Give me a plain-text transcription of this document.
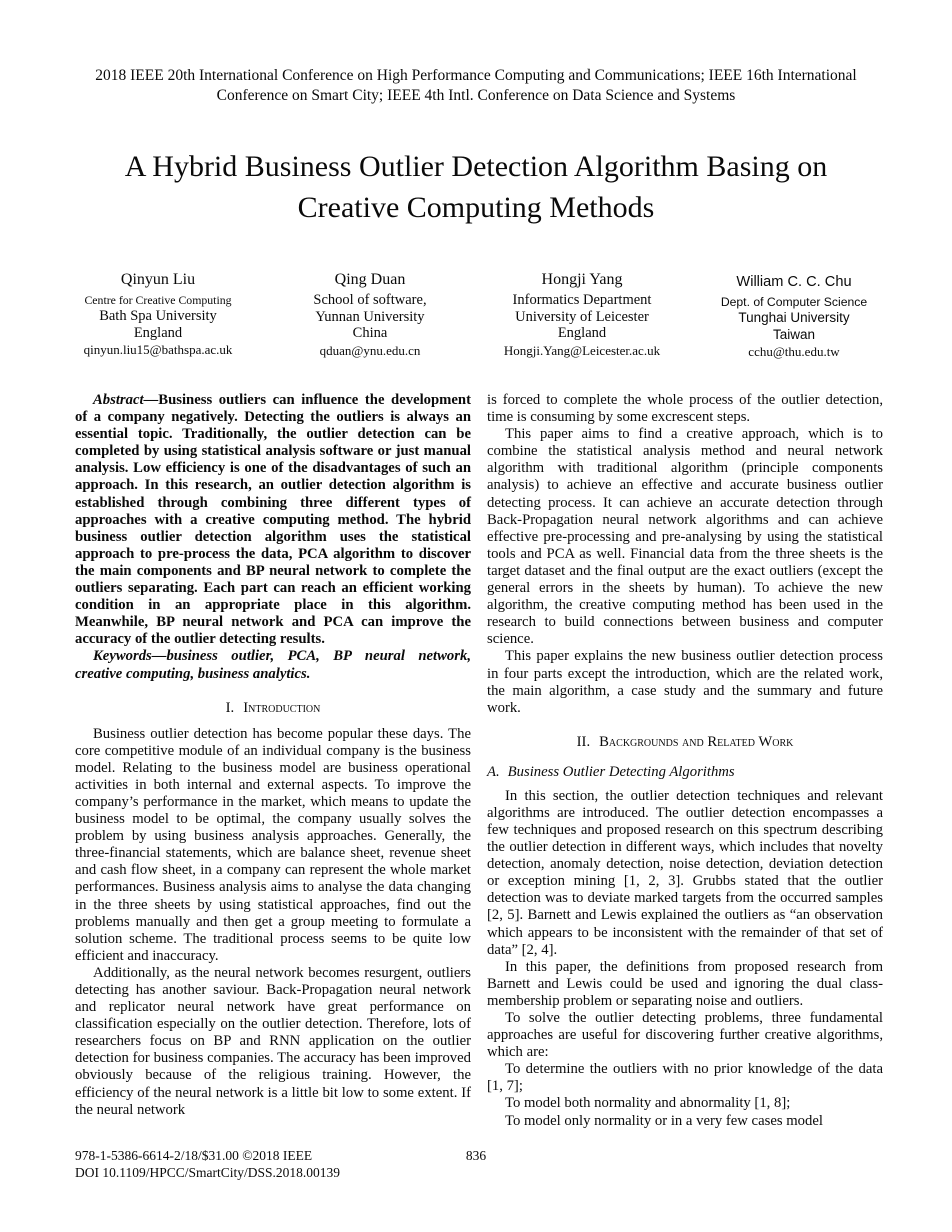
2018 IEEE 20th International Conference on High Performance Computing and Communications; IEEE 16th International Conference on Smart City; IEEE 4th Intl. Conference on Data Science and Systems
A Hybrid Business Outlier Detection Algorithm Basing on Creative Computing Methods
Qinyun Liu
Centre for Creative Computing
Bath Spa University
England
qinyun.liu15@bathspa.ac.uk
Qing Duan
School of software,
Yunnan University
China
qduan@ynu.edu.cn
Hongji Yang
Informatics Department
University of Leicester
England
Hongji.Yang@Leicester.ac.uk
William C. C. Chu
Dept. of Computer Science
Tunghai University
Taiwan
cchu@thu.edu.tw

Abstract—Business outliers can influence the development of a company negatively. Detecting the outliers is always an essential topic. Traditionally, the outlier detection can be completed by using statistical analysis software or just manual analysis. Low efficiency is one of the disadvantages of such an approach. In this research, an outlier detection algorithm is established through combining three different types of approaches with a creative computing method. The hybrid business outlier detection algorithm uses the statistical approach to pre-process the data, PCA algorithm to discover the main components and BP neural network to complete the outliers separating. Each part can reach an efficient working condition in an appropriate place in this algorithm. Meanwhile, BP neural network and PCA can improve the accuracy of the outlier detecting results.

Keywords—business outlier, PCA, BP neural network, creative computing, business analytics.

I. Introduction

Business outlier detection has become popular these days. The core competitive module of an individual company is the business model. Relating to the business model are business operational activities in both internal and external aspects. To improve the company’s performance in the market, which means to update the business model to be optimal, the company usually solves the problem by using business analysis approaches. Generally, the three-financial statements, which are balance sheet, revenue sheet and cash flow sheet, in a company can represent the whole market performances. Business analysis aims to analyse the data changing in the three sheets by using statistical approaches, find out the problems manually and then get a group meeting to formulate a solution scheme. The traditional process seems to be quite low efficient and inaccuracy.

Additionally, as the neural network becomes resurgent, outliers detecting has another saviour. Back-Propagation neural network and replicator neural network have great performance on classification especially on the outlier detection. Therefore, lots of researchers focus on BP and RNN application on the outlier detection for business companies. The accuracy has been improved obviously because of the religious training. However, the efficiency of the neural network is a little bit low to some extent. If the neural network

is forced to complete the whole process of the outlier detection, time is consuming by some excrescent steps.

This paper aims to find a creative approach, which is to combine the statistical analysis method and neural network algorithm with traditional algorithm (principle components analysis) to achieve an effective and accurate business outlier detecting process. It can achieve an accurate detection through Back-Propagation neural network algorithms and can achieve effective pre-processing and pre-analysing by using the statistical tools and PCA as well. Financial data from the three sheets is the target dataset and the final output are the exact outliers (except the general errors in the sheets by human). To achieve the new algorithm, the creative computing method has been used in the research to build connections between business and computer science.

This paper explains the new business outlier detection process in four parts except the introduction, which are the related work, the main algorithm, a case study and the summary and future work.

II. Backgrounds and Related Work
A. Business Outlier Detecting Algorithms

In this section, the outlier detection techniques and relevant algorithms are introduced. The outlier detection encompasses a few techniques and proposed research on this spectrum describing the outlier detection in different ways, which includes that novelty detection, anomaly detection, noise detection, deviation detection or exception mining [1, 2, 3]. Grubbs stated that the outlier detection was to deviate marked targets from the occurred samples [2, 5]. Barnett and Lewis explained the outliers as “an observation which appears to be inconsistent with the remainder of that set of data” [2, 4].

In this paper, the definitions from proposed research from Barnett and Lewis could be used and ignoring the dual class-membership problem or separating noise and outliers.

To solve the outlier detecting problems, three fundamental approaches are useful for discovering further creative algorithms, which are:

To determine the outliers with no prior knowledge of the data [1, 7];

To model both normality and abnormality [1, 8];

To model only normality or in a very few cases model

978-1-5386-6614-2/18/$31.00 ©2018 IEEE
DOI 10.1109/HPCC/SmartCity/DSS.2018.00139
836
